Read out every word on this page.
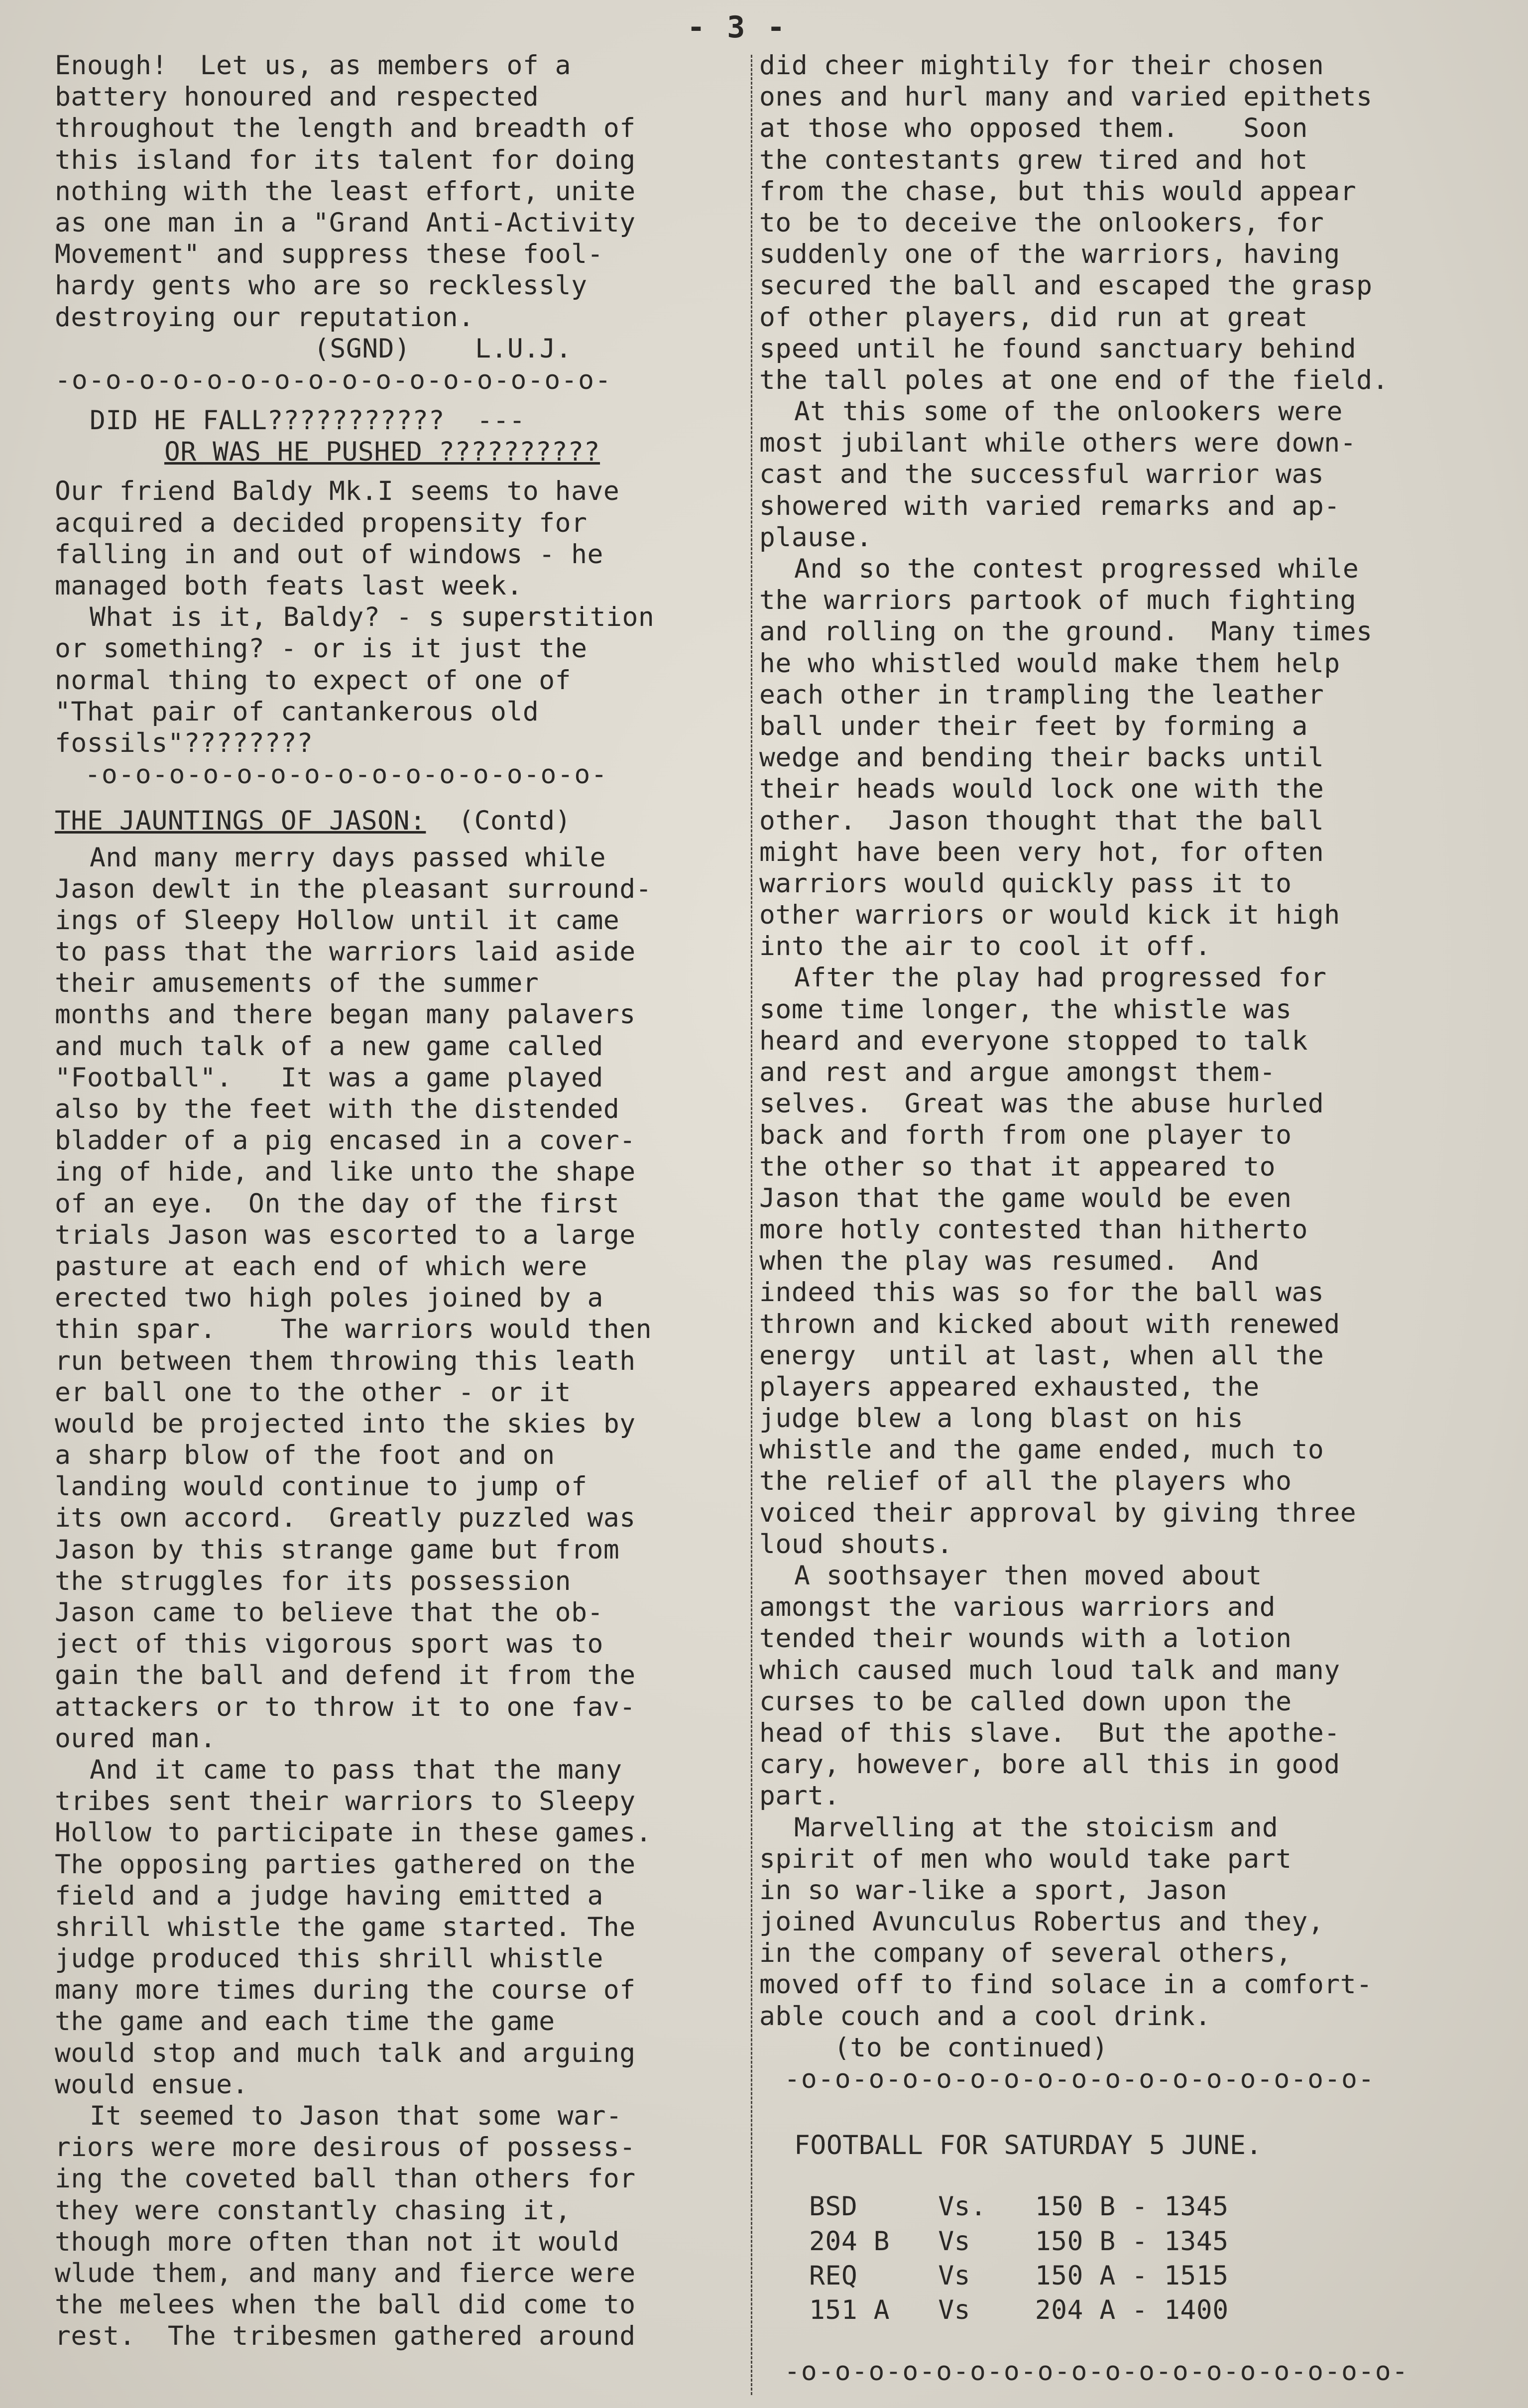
- 3 -
Enough!  Let us, as members of a
battery honoured and respected
throughout the length and breadth of
this island for its talent for doing
nothing with the least effort, unite
as one man in a "Grand Anti-Activity
Movement" and suppress these fool-
hardy gents who are so recklessly
destroying our reputation.
(SGND)    L.U.J.
-o-o-o-o-o-o-o-o-o-o-o-o-o-o-o-o-
DID HE FALL???????????  ---
OR WAS HE PUSHED ??????????
Our friend Baldy Mk.I seems to have
acquired a decided propensity for
falling in and out of windows - he
managed both feats last week.
What is it, Baldy? - s superstition
or something? - or is it just the
normal thing to expect of one of
"That pair of cantankerous old
fossils"????????
-o-o-o-o-o-o-o-o-o-o-o-o-o-o-o-
THE JAUNTINGS OF JASON: (Contd)
And many merry days passed while
Jason dewlt in the pleasant surround-
ings of Sleepy Hollow until it came
to pass that the warriors laid aside
their amusements of the summer
months and there began many palavers
and much talk of a new game called
"Football".   It was a game played
also by the feet with the distended
bladder of a pig encased in a cover-
ing of hide, and like unto the shape
of an eye.  On the day of the first
trials Jason was escorted to a large
pasture at each end of which were
erected two high poles joined by a
thin spar.    The warriors would then
run between them throwing this leath
er ball one to the other - or it
would be projected into the skies by
a sharp blow of the foot and on
landing would continue to jump of
its own accord.  Greatly puzzled was
Jason by this strange game but from
the struggles for its possession
Jason came to believe that the ob-
ject of this vigorous sport was to
gain the ball and defend it from the
attackers or to throw it to one fav-
oured man.
And it came to pass that the many
tribes sent their warriors to Sleepy
Hollow to participate in these games.
The opposing parties gathered on the
field and a judge having emitted a
shrill whistle the game started. The
judge produced this shrill whistle
many more times during the course of
the game and each time the game
would stop and much talk and arguing
would ensue.
It seemed to Jason that some war-
riors were more desirous of possess-
ing the coveted ball than others for
they were constantly chasing it,
though more often than not it would
wlude them, and many and fierce were
the melees when the ball did come to
rest.  The tribesmen gathered around
did cheer mightily for their chosen
ones and hurl many and varied epithets
at those who opposed them.    Soon
the contestants grew tired and hot
from the chase, but this would appear
to be to deceive the onlookers, for
suddenly one of the warriors, having
secured the ball and escaped the grasp
of other players, did run at great
speed until he found sanctuary behind
the tall poles at one end of the field.
At this some of the onlookers were
most jubilant while others were down-
cast and the successful warrior was
showered with varied remarks and ap-
plause.
And so the contest progressed while
the warriors partook of much fighting
and rolling on the ground.  Many times
he who whistled would make them help
each other in trampling the leather
ball under their feet by forming a
wedge and bending their backs until
their heads would lock one with the
other.  Jason thought that the ball
might have been very hot, for often
warriors would quickly pass it to
other warriors or would kick it high
into the air to cool it off.
After the play had progressed for
some time longer, the whistle was
heard and everyone stopped to talk
and rest and argue amongst them-
selves.  Great was the abuse hurled
back and forth from one player to
the other so that it appeared to
Jason that the game would be even
more hotly contested than hitherto
when the play was resumed.  And
indeed this was so for the ball was
thrown and kicked about with renewed
energy  until at last, when all the
players appeared exhausted, the
judge blew a long blast on his
whistle and the game ended, much to
the relief of all the players who
voiced their approval by giving three
loud shouts.
A soothsayer then moved about
amongst the various warriors and
tended their wounds with a lotion
which caused much loud talk and many
curses to be called down upon the
head of this slave.  But the apothe-
cary, however, bore all this in good
part.
Marvelling at the stoicism and
spirit of men who would take part
in so war-like a sport, Jason
joined Avunculus Robertus and they,
in the company of several others,
moved off to find solace in a comfort-
able couch and a cool drink.
(to be continued)
-o-o-o-o-o-o-o-o-o-o-o-o-o-o-o-o-o-
FOOTBALL FOR SATURDAY 5 JUNE.
BSD     Vs.   150 B - 1345
204 B   Vs    150 B - 1345
REQ     Vs    150 A - 1515
151 A   Vs    204 A - 1400
-o-o-o-o-o-o-o-o-o-o-o-o-o-o-o-o-o-o-
